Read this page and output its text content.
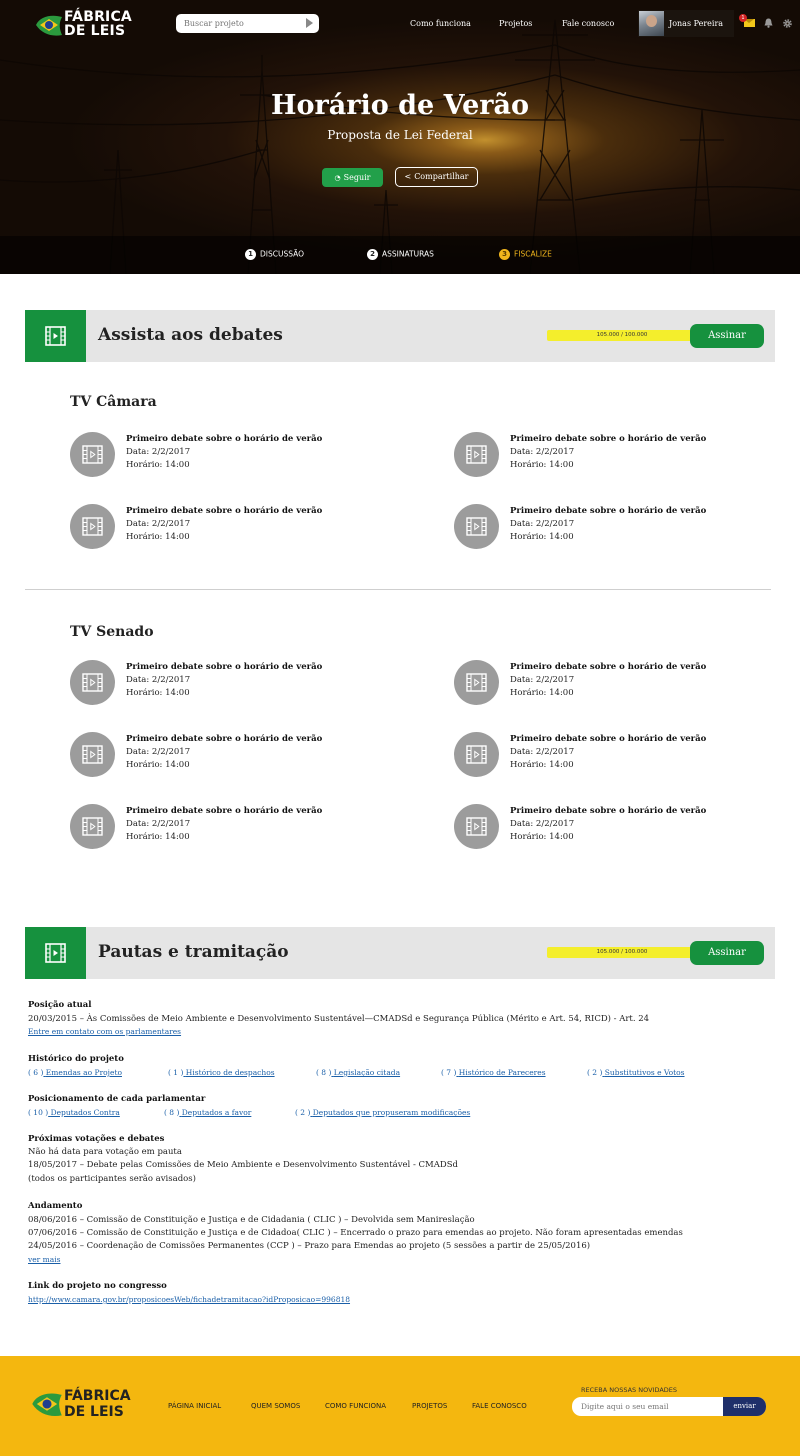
FÁBRICA
DE LEIS
Buscar projeto	Como funciona	Projetos	Fale conosco	Jonas Pereira
1
Horário de Verão
Proposta de Lei Federal
◔ Seguir	< Compartilhar
1 DISCUSSÃO	2 ASSINATURAS	3 FISCALIZE
Assista aos debates	105.000 / 100.000	Assinar
TV Câmara
Primeiro debate sobre o horário de verão
Data: 2/2/2017
Horário: 14:00
Primeiro debate sobre o horário de verão
Data: 2/2/2017
Horário: 14:00
Primeiro debate sobre o horário de verão
Data: 2/2/2017
Horário: 14:00
Primeiro debate sobre o horário de verão
Data: 2/2/2017
Horário: 14:00
TV Senado
Primeiro debate sobre o horário de verão
Data: 2/2/2017
Horário: 14:00
Primeiro debate sobre o horário de verão
Data: 2/2/2017
Horário: 14:00
Primeiro debate sobre o horário de verão
Data: 2/2/2017
Horário: 14:00
Primeiro debate sobre o horário de verão
Data: 2/2/2017
Horário: 14:00
Primeiro debate sobre o horário de verão
Data: 2/2/2017
Horário: 14:00
Primeiro debate sobre o horário de verão
Data: 2/2/2017
Horário: 14:00
Pautas e tramitação	105.000 / 100.000	Assinar
Posição atual
20/03/2015 – Às Comissões de Meio Ambiente e Desenvolvimento Sustentável—CMADSd e Segurança Pública (Mérito e Art. 54, RICD) - Art. 24
Entre em contato com os parlamentares
Histórico do projeto
( 6 ) Emendas ao Projeto	( 1 ) Histórico de despachos	( 8 ) Legislação citada	( 7 ) Histórico de Pareceres	( 2 ) Substitutivos e Votos
Posicionamento de cada parlamentar
( 10 ) Deputados Contra	( 8 ) Deputados a favor	( 2 ) Deputados que propuseram modificações
Próximas votações e debates
Não há data para votação em pauta
18/05/2017 – Debate pelas Comissões de Meio Ambiente e Desenvolvimento Sustentável - CMADSd
(todos os participantes serão avisados)
Andamento
08/06/2016 – Comissão de Constituição e Justiça e de Cidadania ( CLIC ) – Devolvida sem Manireslação
07/06/2016 – Comissão de Constituição e Justiça e de Cidadoa( CLIC ) – Encerrado o prazo para emendas ao projeto. Não foram apresentadas emendas
24/05/2016 – Coordenação de Comissões Permanentes (CCP ) – Prazo para Emendas ao projeto (5 sessões a partir de 25/05/2016)
ver mais
Link do projeto no congresso
http://www.camara.gov.br/proposicoesWeb/fichadetramitacao?idProposicao=996818
FÁBRICA
DE LEIS	PÁGINA INICIAL	QUEM SOMOS	COMO FUNCIONA	PROJETOS	FALE CONOSCO
RECEBA NOSSAS NOVIDADES
Digite aqui o seu email
enviar
